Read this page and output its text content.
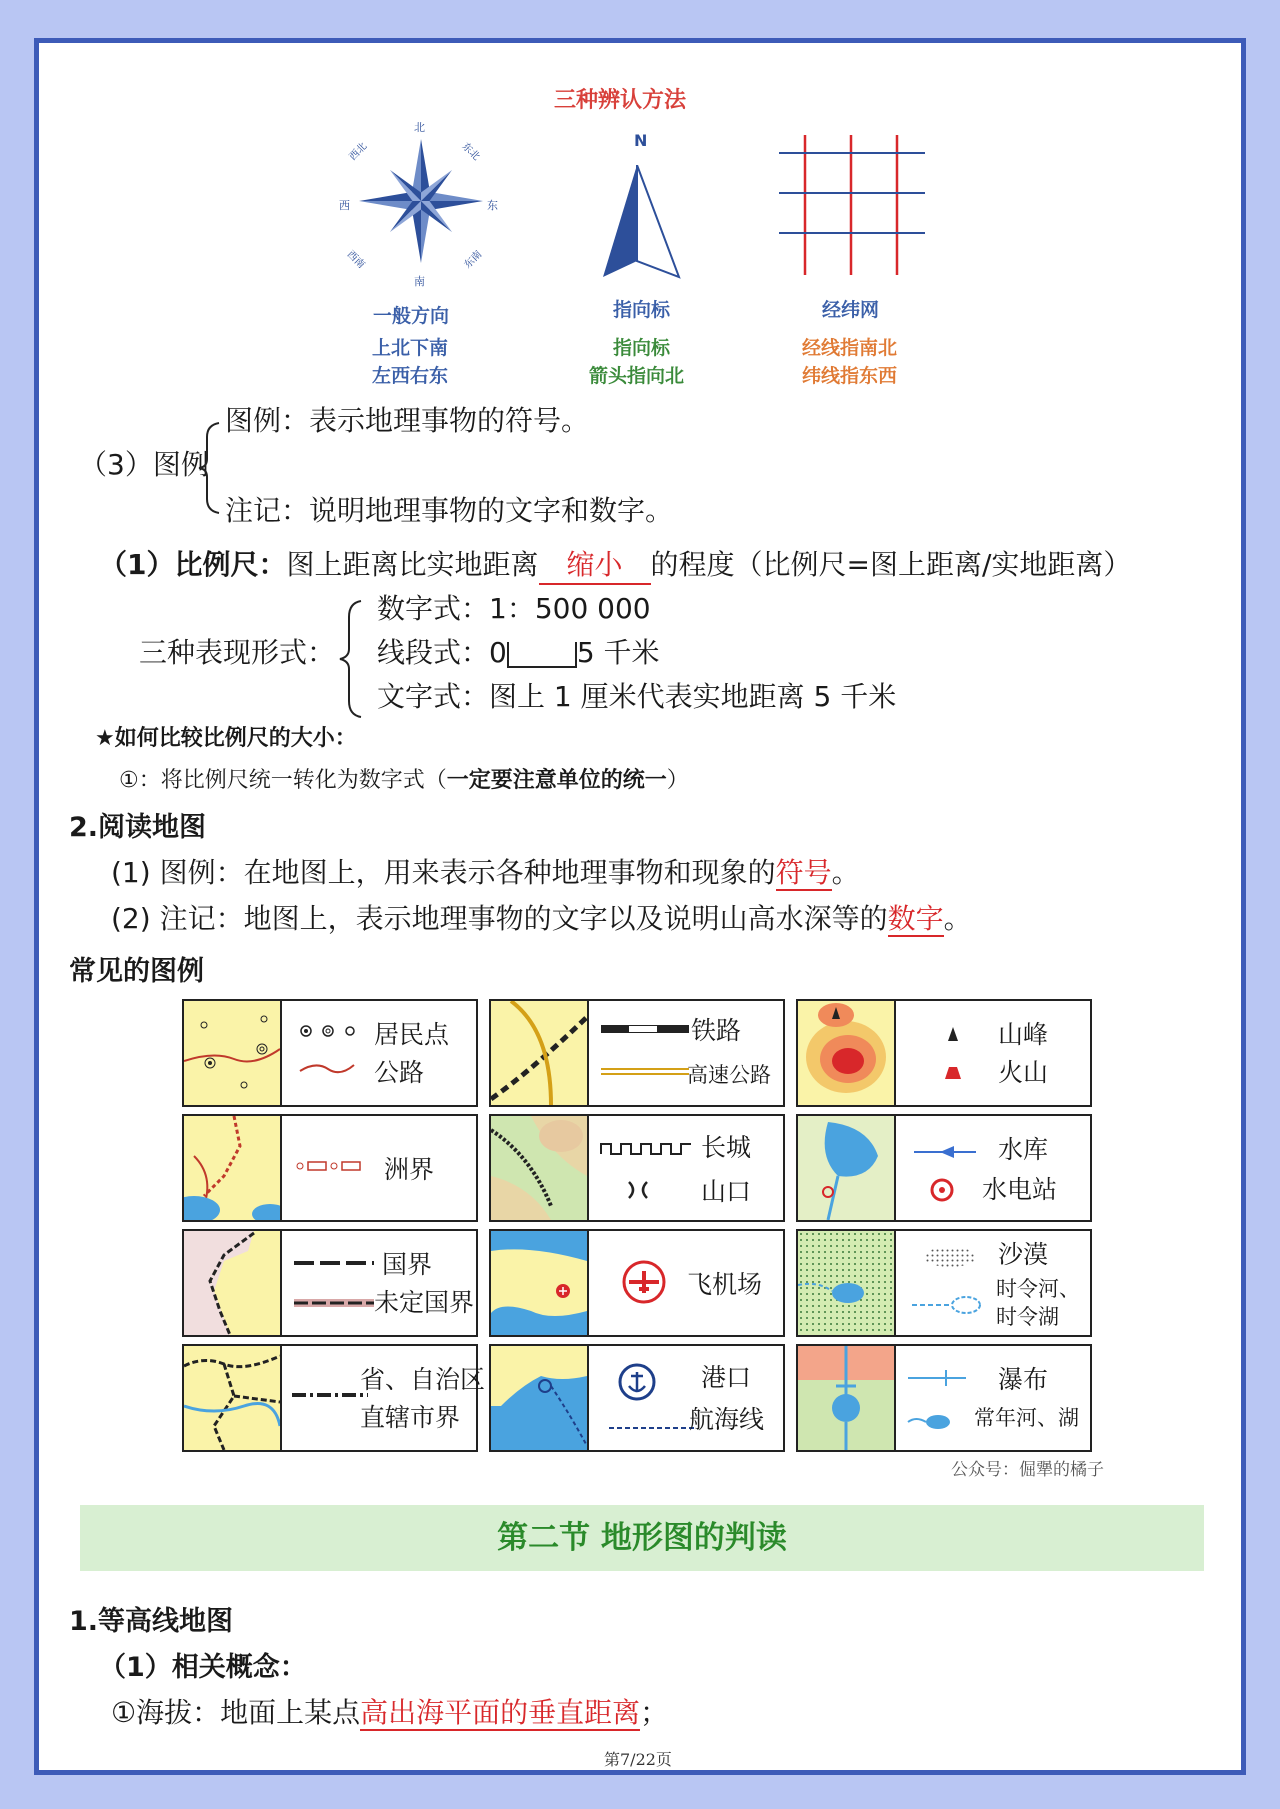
三种辨认方法
北
南
东
西
东北
西北
东南
西南
一般方向
上北下南
左西右东
N
指向标
指向标
箭头指向北
经纬网
经线指南北
纬线指东西
图例：表示地理事物的符号。
（3）图例
注记：说明地理事物的文字和数字。
（1）比例尺：图上距离比实地距离 缩小 的程度（比例尺=图上距离/实地距离）
数字式：1：500 000
三种表现形式： 线段式：0	5 千米
文字式：图上 1 厘米代表实地距离 5 千米
★如何比较比例尺的大小：
①：将比例尺统一转化为数字式（一定要注意单位的统一）
2.阅读地图
(1) 图例：在地图上，用来表示各种地理事物和现象的符号。
(2) 注记：地图上，表示地理事物的文字以及说明山高水深等的数字。
常见的图例
居民点
公路
铁路
高速公路
山峰
火山
洲界
长城
山口
水库
水电站
国界
未定国界
飞机场
沙漠
时令河、
时令湖
省、自治区
直辖市界
港口
航海线
瀑布
常年河、湖
公众号：倔犟的橘子
第二节 地形图的判读
1.等高线地图
（1）相关概念：
①海拔：地面上某点高出海平面的垂直距离；
第7/22页
